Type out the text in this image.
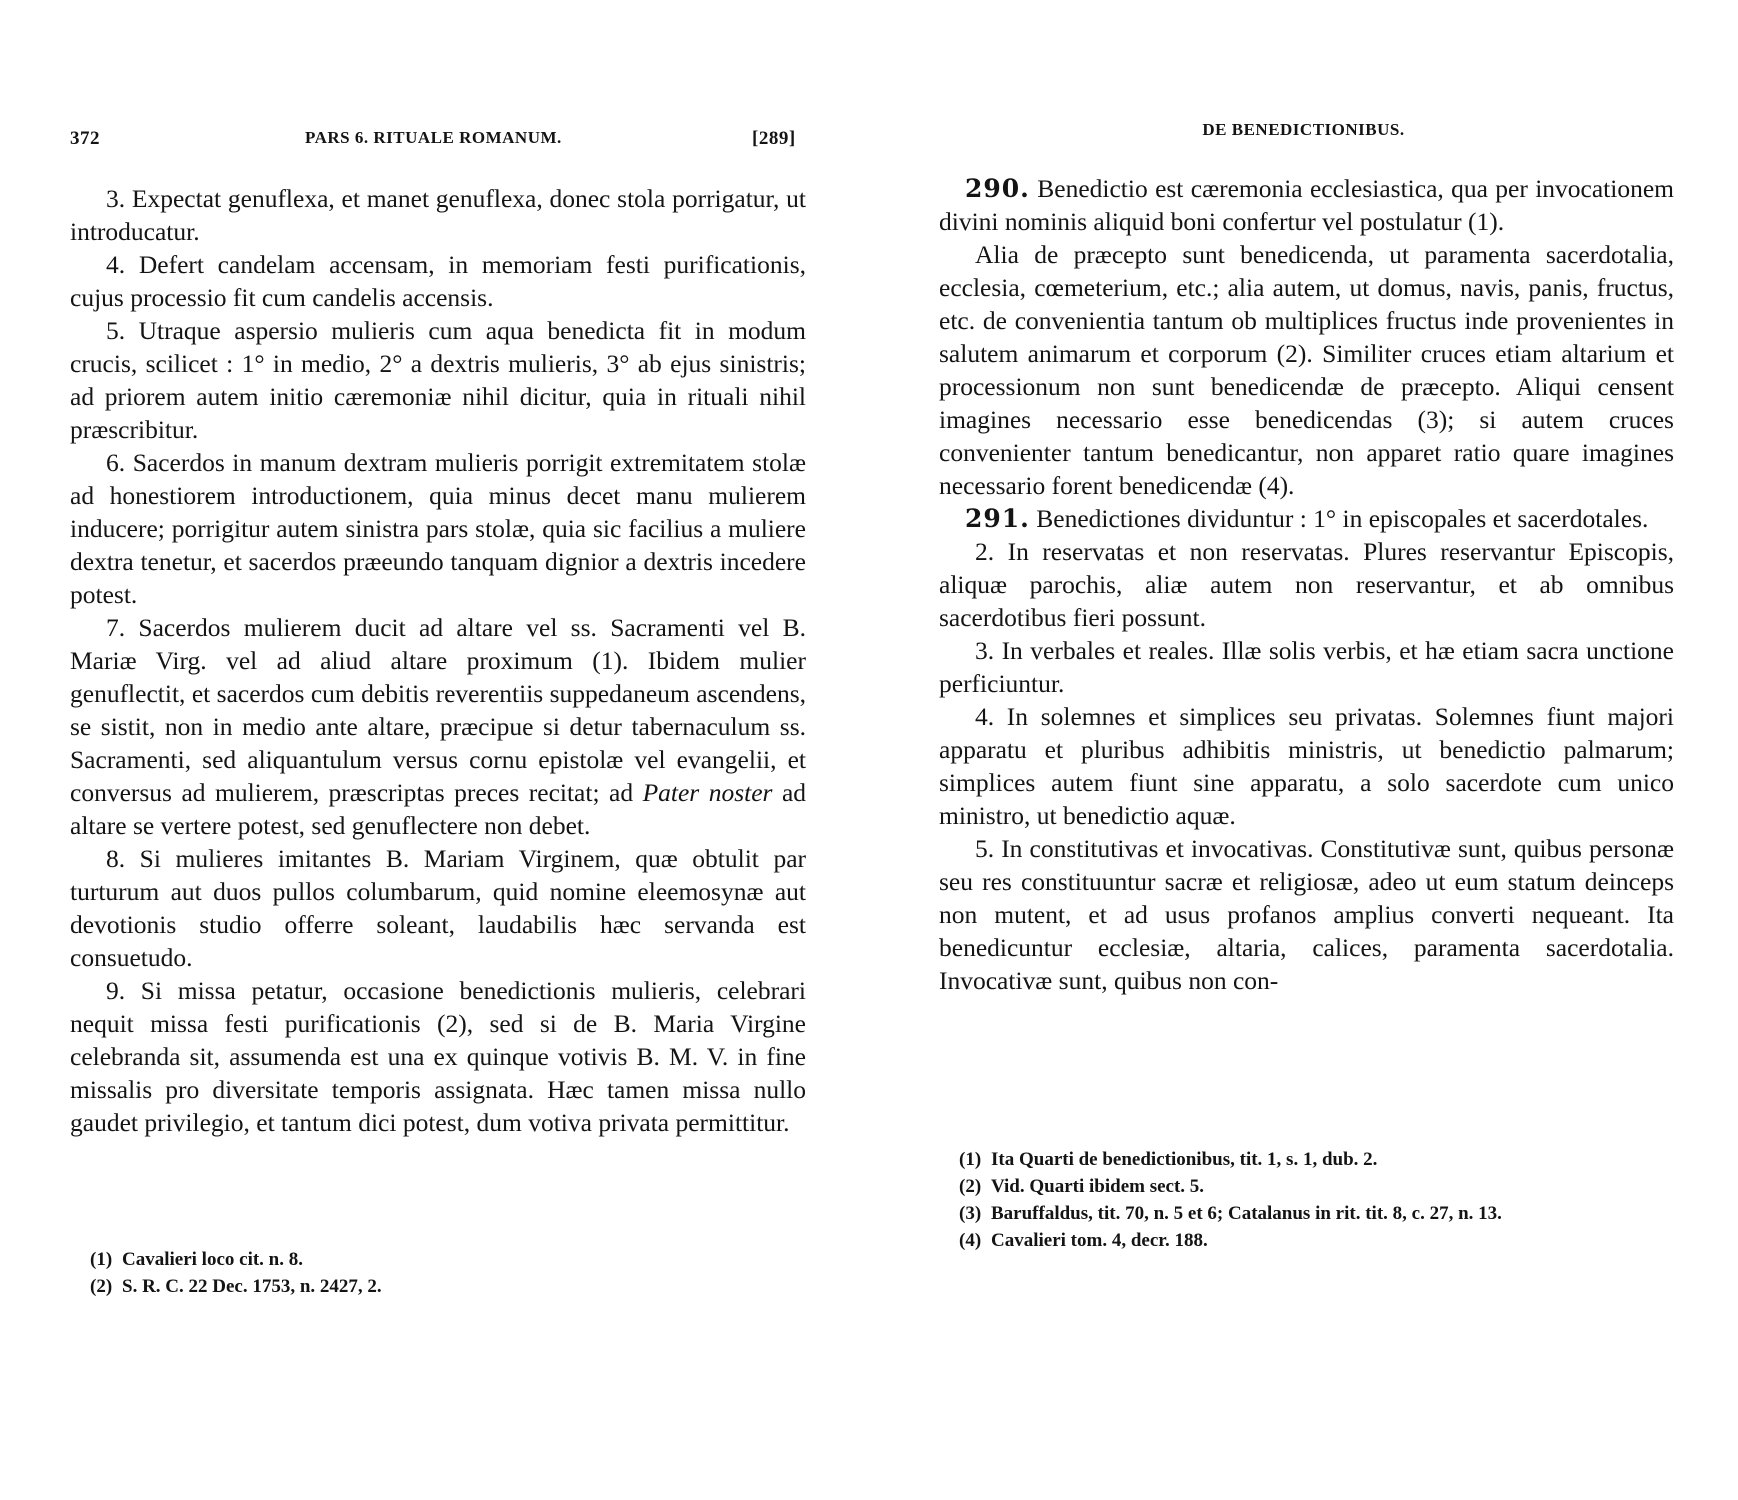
372	PARS 6. RITUALE ROMANUM.	[289]

3. Expectat genuflexa, et manet genuflexa, donec stola porrigatur, ut introducatur.

4. Defert candelam accensam, in memoriam festi purificationis, cujus processio fit cum candelis accensis.

5. Utraque aspersio mulieris cum aqua benedicta fit in modum crucis, scilicet : 1° in medio, 2° a dextris mulieris, 3° ab ejus sinistris; ad priorem autem initio cæremoniæ nihil dicitur, quia in rituali nihil præscribitur.

6. Sacerdos in manum dextram mulieris porrigit extremitatem stolæ ad honestiorem introductionem, quia minus decet manu mulierem inducere; porrigitur autem sinistra pars stolæ, quia sic facilius a muliere dextra tenetur, et sacerdos præeundo tanquam dignior a dextris incedere potest.

7. Sacerdos mulierem ducit ad altare vel ss. Sacramenti vel B. Mariæ Virg. vel ad aliud altare proximum (1). Ibidem mulier genuflectit, et sacerdos cum debitis reverentiis suppedaneum ascendens, se sistit, non in medio ante altare, præcipue si detur tabernaculum ss. Sacramenti, sed aliquantulum versus cornu epistolæ vel evangelii, et conversus ad mulierem, præscriptas preces recitat; ad Pater noster ad altare se vertere potest, sed genuflectere non debet.

8. Si mulieres imitantes B. Mariam Virginem, quæ obtulit par turturum aut duos pullos columbarum, quid nomine eleemosynæ aut devotionis studio offerre soleant, laudabilis hæc servanda est consuetudo.

9. Si missa petatur, occasione benedictionis mulieris, celebrari nequit missa festi purificationis (2), sed si de B. Maria Virgine celebranda sit, assumenda est una ex quinque votivis B. M. V. in fine missalis pro diversitate temporis assignata. Hæc tamen missa nullo gaudet privilegio, et tantum dici potest, dum votiva privata permittitur.

(1) Cavalieri loco cit. n. 8.

(2) S. R. C. 22 Dec. 1753, n. 2427, 2.

DE BENEDICTIONIBUS.

290. Benedictio est cæremonia ecclesiastica, qua per invocationem divini nominis aliquid boni confertur vel postulatur (1).

Alia de præcepto sunt benedicenda, ut paramenta sacerdotalia, ecclesia, cœmeterium, etc.; alia autem, ut domus, navis, panis, fructus, etc. de convenientia tantum ob multiplices fructus inde provenientes in salutem animarum et corporum (2). Similiter cruces etiam altarium et processionum non sunt benedicendæ de præcepto. Aliqui censent imagines necessario esse benedicendas (3); si autem cruces convenienter tantum benedicantur, non apparet ratio quare imagines necessario forent benedicendæ (4).

291. Benedictiones dividuntur : 1° in episcopales et sacerdotales.

2. In reservatas et non reservatas. Plures reservantur Episcopis, aliquæ parochis, aliæ autem non reservantur, et ab omnibus sacerdotibus fieri possunt.

3. In verbales et reales. Illæ solis verbis, et hæ etiam sacra unctione perficiuntur.

4. In solemnes et simplices seu privatas. Solemnes fiunt majori apparatu et pluribus adhibitis ministris, ut benedictio palmarum; simplices autem fiunt sine apparatu, a solo sacerdote cum unico ministro, ut benedictio aquæ.

5. In constitutivas et invocativas. Constitutivæ sunt, quibus personæ seu res constituuntur sacræ et religiosæ, adeo ut eum statum deinceps non mutent, et ad usus profanos amplius converti nequeant. Ita benedicuntur ecclesiæ, altaria, calices, paramenta sacerdotalia. Invocativæ sunt, quibus non con-

(1) Ita Quarti de benedictionibus, tit. 1, s. 1, dub. 2.

(2) Vid. Quarti ibidem sect. 5.

(3) Baruffaldus, tit. 70, n. 5 et 6; Catalanus in rit. tit. 8, c. 27, n. 13.

(4) Cavalieri tom. 4, decr. 188.
